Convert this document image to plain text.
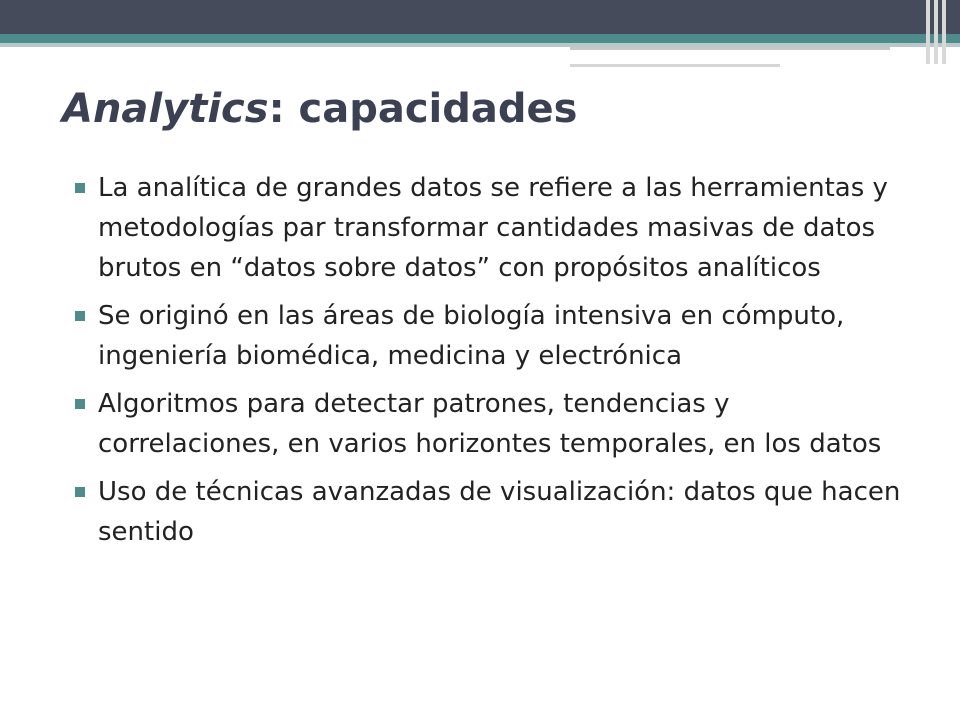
Analytics: capacidades
La analítica de grandes datos se refiere a las herramientas y metodologías par transformar cantidades masivas de datos brutos en “datos sobre datos” con propósitos analíticos
Se originó en las áreas de biología intensiva en cómputo, ingeniería biomédica, medicina y electrónica
Algoritmos para detectar patrones, tendencias y correlaciones, en varios horizontes temporales, en los datos
Uso de técnicas avanzadas de visualización: datos que hacen sentido
